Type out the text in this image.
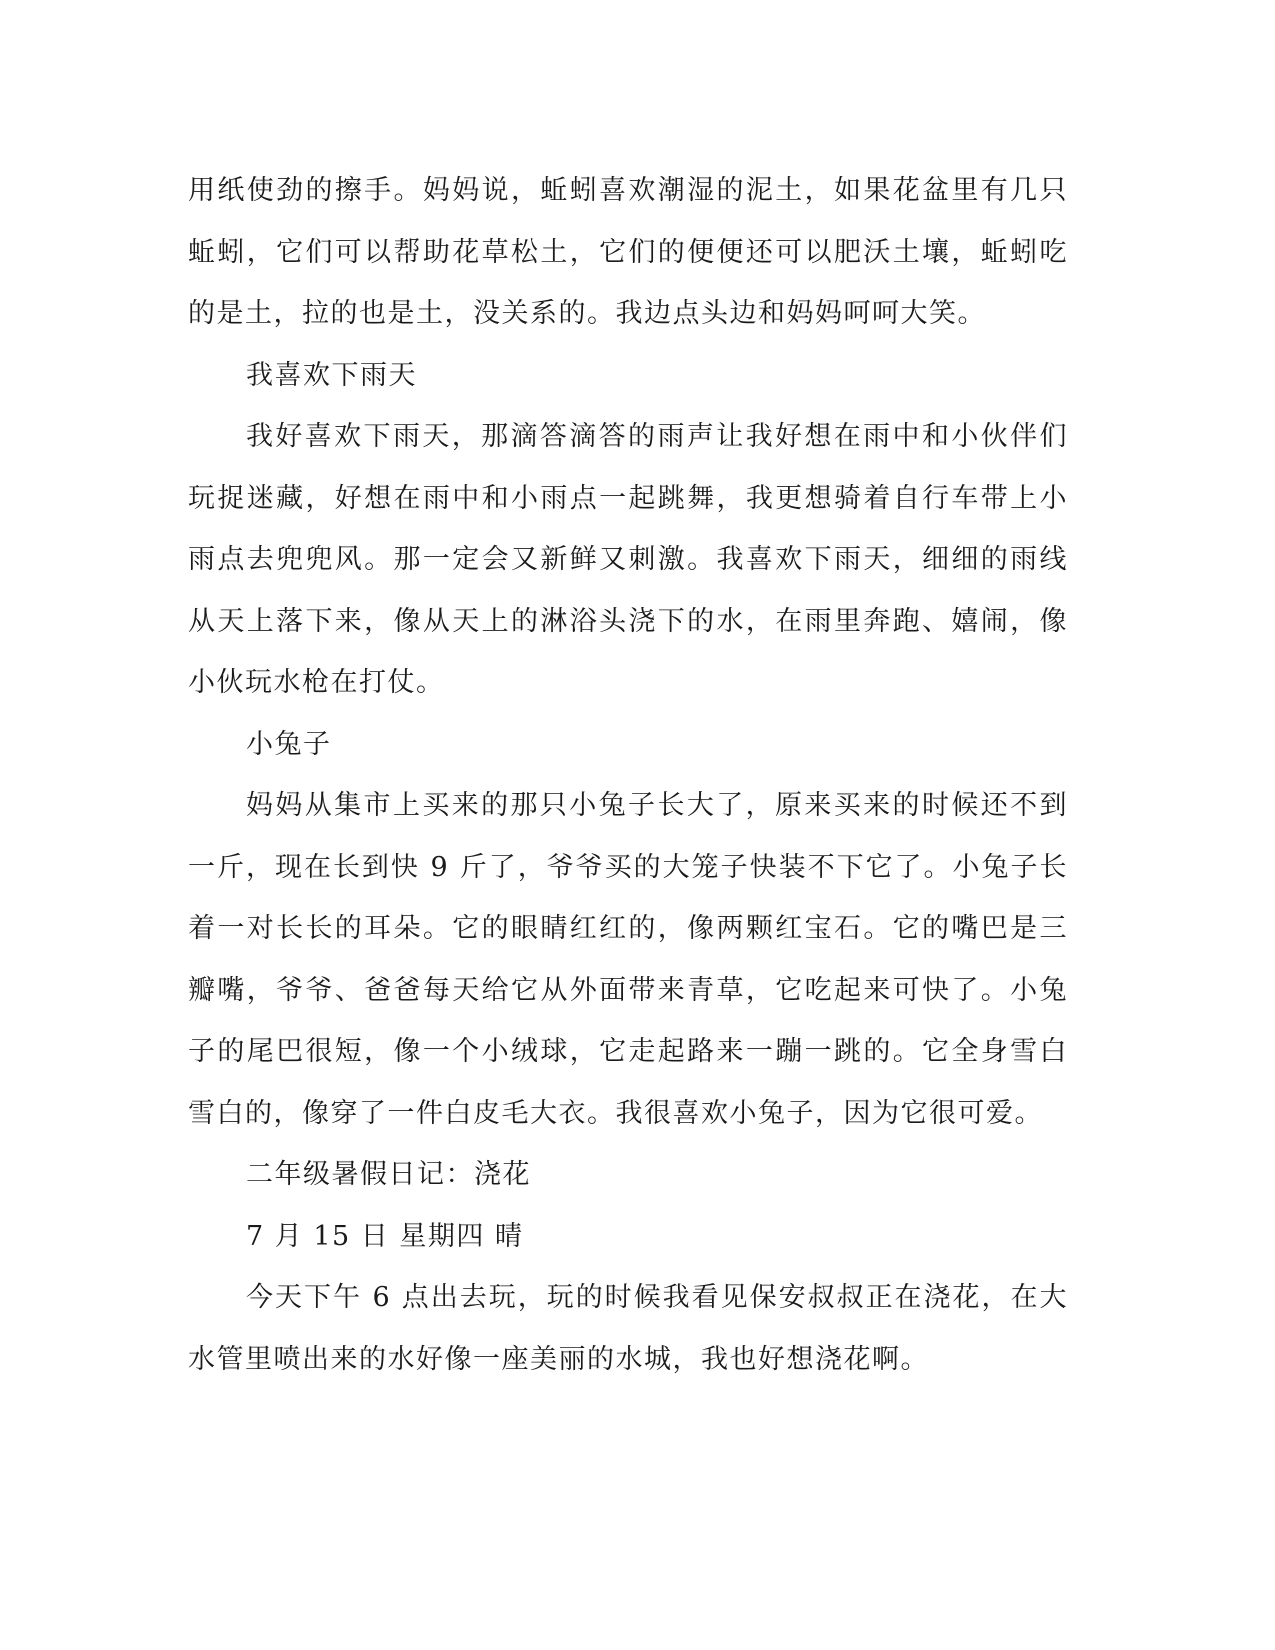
用纸使劲的擦手。妈妈说，蚯蚓喜欢潮湿的泥土，如果花盆里有几只蚯蚓，它们可以帮助花草松土，它们的便便还可以肥沃土壤，蚯蚓吃的是土，拉的也是土，没关系的。我边点头边和妈妈呵呵大笑。

我喜欢下雨天

我好喜欢下雨天，那滴答滴答的雨声让我好想在雨中和小伙伴们玩捉迷藏，好想在雨中和小雨点一起跳舞，我更想骑着自行车带上小雨点去兜兜风。那一定会又新鲜又刺激。我喜欢下雨天，细细的雨线从天上落下来，像从天上的淋浴头浇下的水，在雨里奔跑、嬉闹，像小伙玩水枪在打仗。

小兔子

妈妈从集市上买来的那只小兔子长大了，原来买来的时候还不到一斤，现在长到快 9 斤了，爷爷买的大笼子快装不下它了。小兔子长着一对长长的耳朵。它的眼睛红红的，像两颗红宝石。它的嘴巴是三瓣嘴，爷爷、爸爸每天给它从外面带来青草，它吃起来可快了。小兔子的尾巴很短，像一个小绒球，它走起路来一蹦一跳的。它全身雪白雪白的，像穿了一件白皮毛大衣。我很喜欢小兔子，因为它很可爱。

二年级暑假日记：浇花

7 月 15 日 星期四 晴

今天下午 6 点出去玩，玩的时候我看见保安叔叔正在浇花，在大水管里喷出来的水好像一座美丽的水城，我也好想浇花啊。
